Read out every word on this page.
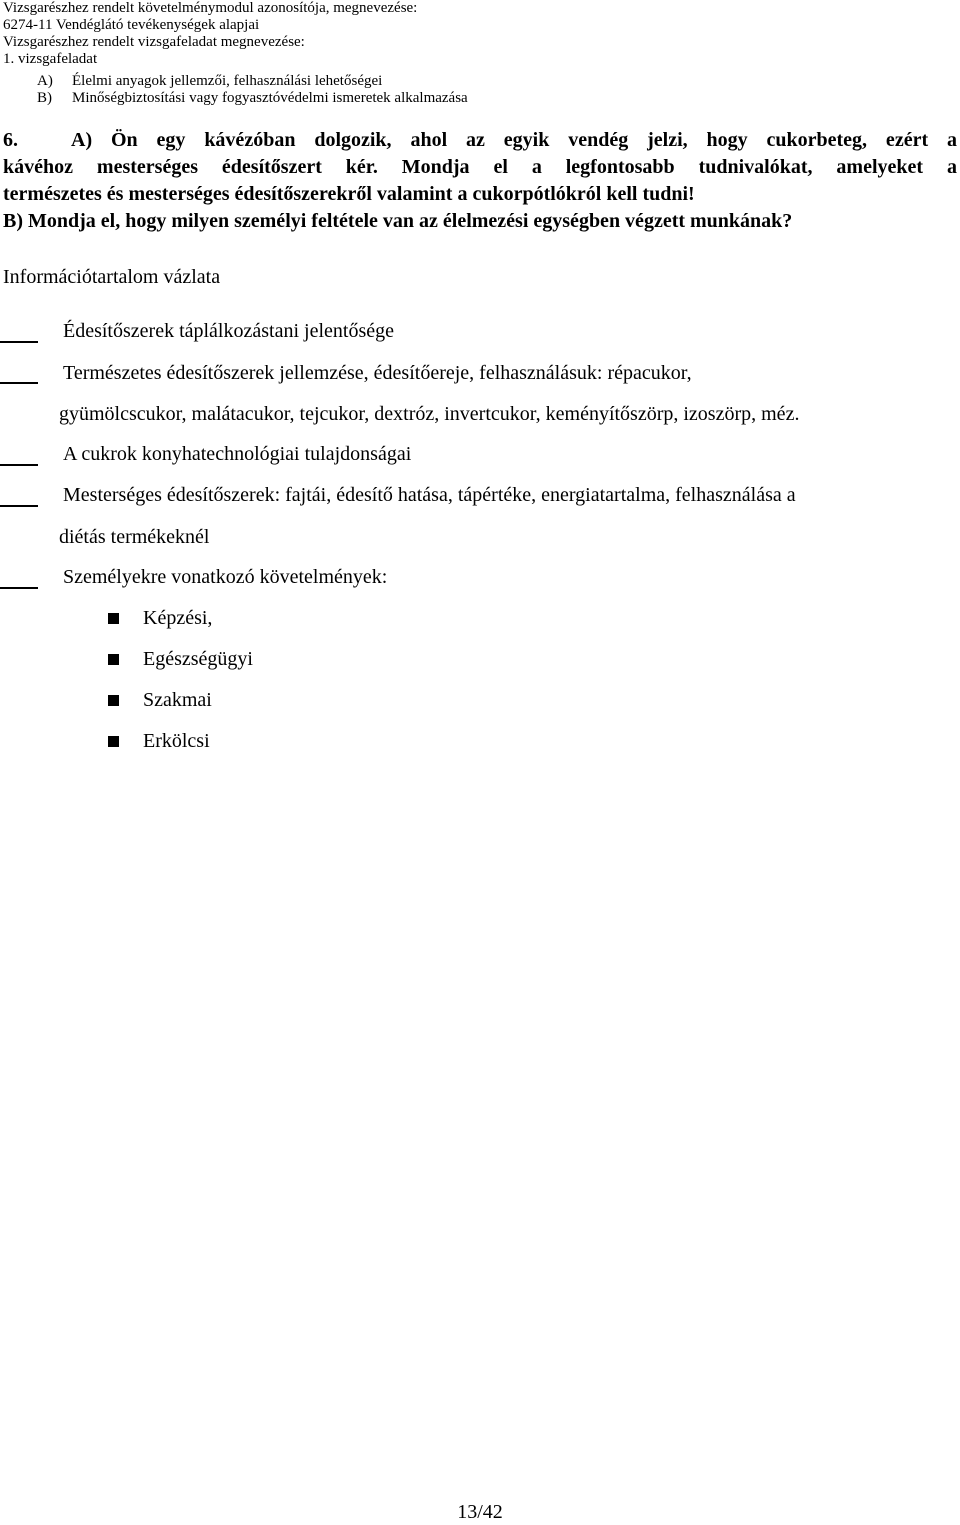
Vizsgarészhez rendelt követelménymodul azonosítója, megnevezése:
6274-11 Vendéglátó tevékenységek alapjai
Vizsgarészhez rendelt vizsgafeladat megnevezése:
1. vizsgafeladat
A) Élelmi anyagok jellemzői, felhasználási lehetőségei
B) Minőségbiztosítási vagy fogyasztóvédelmi ismeretek alkalmazása
6.	A) Ön egy kávézóban dolgozik, ahol az egyik vendég jelzi, hogy cukorbeteg, ezért a
kávéhoz mesterséges édesítőszert kér. Mondja el a legfontosabb tudnivalókat, amelyeket a
természetes és mesterséges édesítőszerekről valamint a cukorpótlókról kell tudni!
B) Mondja el, hogy milyen személyi feltétele van az élelmezési egységben végzett munkának?
Információtartalom vázlata
Édesítőszerek táplálkozástani jelentősége
Természetes édesítőszerek jellemzése, édesítőereje, felhasználásuk: répacukor,
gyümölcscukor, malátacukor, tejcukor, dextróz, invertcukor, keményítőszörp, izoszörp, méz.
A cukrok konyhatechnológiai tulajdonságai
Mesterséges édesítőszerek: fajtái, édesítő hatása, tápértéke, energiatartalma, felhasználása a
diétás termékeknél
Személyekre vonatkozó követelmények:
Képzési,
Egészségügyi
Szakmai
Erkölcsi
13/42
